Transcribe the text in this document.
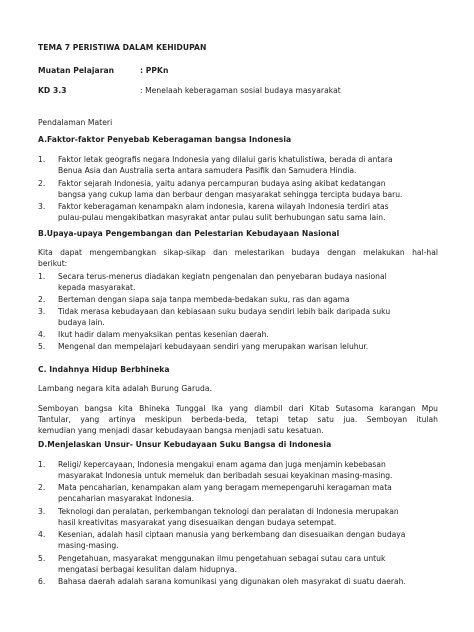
TEMA 7 PERISTIWA DALAM KEHIDUPAN
Muatan Pelajaran	: PPKn
KD 3.3	: Menelaah keberagaman sosial budaya masyarakat
Pendalaman Materi
A.Faktor-faktor Penyebab Keberagaman bangsa Indonesia
1. Faktor letak geografis negara Indonesia yang dilalui garis khatulistiwa, berada di antara
Benua Asia dan Australia serta antara samudera Pasifik dan Samudera Hindia.
2. Faktor sejarah Indonesia, yaitu adanya percampuran budaya asing akibat kedatangan
bangsa yang cukup lama dan berbaur dengan masyarakat sehingga tercipta budaya baru.
3. Faktor keberagaman kenampakn alam indonesia, karena wilayah Indonesia terdiri atas
pulau-pulau mengakibatkan masyrakat antar pulau sulit berhubungan satu sama lain.
B.Upaya-upaya Pengembangan dan Pelestarian Kebudayaan Nasional
Kita dapat mengembangkan sikap-sikap dan melestarikan budaya dengan melakukan hal-hal
berikut:
1. Secara terus-menerus diadakan kegiatn pengenalan dan penyebaran budaya nasional
kepada masyarakat.
2. Berteman dengan siapa saja tanpa membeda-bedakan suku, ras dan agama
3. Tidak merasa kebudayaan dan kebiasaan suku budaya sendiri lebih baik daripada suku
budaya lain.
4. Ikut hadir dalam menyaksikan pentas kesenian daerah.
5. Mengenal dan mempelajari kebudayaan sendiri yang merupakan warisan leluhur.
C. Indahnya Hidup Berbhineka
Lambang negara kita adalah Burung Garuda.
Semboyan bangsa kita Bhineka Tunggal Ika yang diambil dari Kitab Sutasoma karangan Mpu
Tantular, yang artinya meskipun berbeda-beda, tetapi tetap satu jua. Semboyan itulah
kemudian yang menjadi dasar kebudayaan bangsa menjadi satu kesatuan.
D.Menjelaskan Unsur- Unsur Kebudayaan Suku Bangsa di Indonesia
1. Religi/ kepercayaan, Indonesia mengakui enam agama dan juga menjamin kebebasan
masyarakat Indonesia untuk memeluk dan beribadah sesuai keyakinan masing-masing.
2. Mata pencaharian, kenampakan alam yang beragam memepengaruhi keragaman mata
pencaharian masyarakat Indonesia.
3. Teknologi dan peralatan, perkembangan teknologi dan peralatan di Indonesia merupakan
hasil kreativitas masyarakat yang disesuaikan dengan budaya setempat.
4. Kesenian, adalah hasil ciptaan manusia yang berkembang dan disesuaikan dengan budaya
masing-masing.
5. Pengetahuan, masyarakat menggunakan ilmu pengetahuan sebagai sutau cara untuk
mengatasi berbagai kesulitan dalam hidupnya.
6. Bahasa daerah adalah sarana komunikasi yang digunakan oleh masyrakat di suatu daerah.
